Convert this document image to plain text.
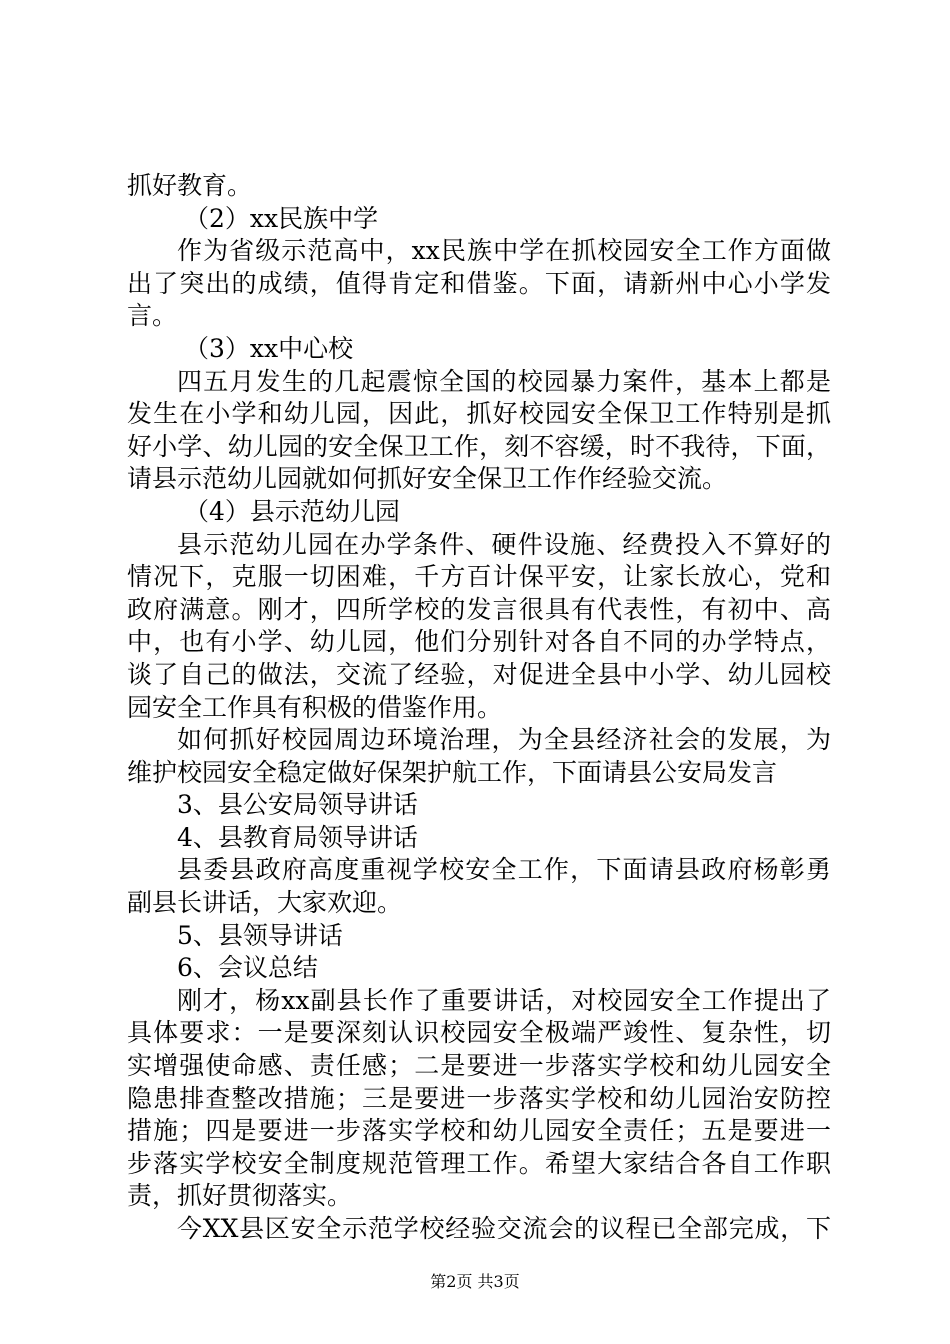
抓好教育。
（2）xx民族中学
作为省级示范高中，xx民族中学在抓校园安全工作方面做
出了突出的成绩，值得肯定和借鉴。下面，请新州中心小学发
言。
（3）xx中心校
四五月发生的几起震惊全国的校园暴力案件，基本上都是
发生在小学和幼儿园，因此，抓好校园安全保卫工作特别是抓
好小学、幼儿园的安全保卫工作，刻不容缓，时不我待，下面，
请县示范幼儿园就如何抓好安全保卫工作作经验交流。
（4）县示范幼儿园
县示范幼儿园在办学条件、硬件设施、经费投入不算好的
情况下，克服一切困难，千方百计保平安，让家长放心，党和
政府满意。刚才，四所学校的发言很具有代表性，有初中、高
中，也有小学、幼儿园，他们分别针对各自不同的办学特点，
谈了自己的做法，交流了经验，对促进全县中小学、幼儿园校
园安全工作具有积极的借鉴作用。
如何抓好校园周边环境治理，为全县经济社会的发展，为
维护校园安全稳定做好保架护航工作，下面请县公安局发言
3、县公安局领导讲话
4、县教育局领导讲话
县委县政府高度重视学校安全工作，下面请县政府杨彰勇
副县长讲话，大家欢迎。
5、县领导讲话
6、会议总结
刚才，杨xx副县长作了重要讲话，对校园安全工作提出了
具体要求：一是要深刻认识校园安全极端严竣性、复杂性，切
实增强使命感、责任感；二是要进一步落实学校和幼儿园安全
隐患排查整改措施；三是要进一步落实学校和幼儿园治安防控
措施；四是要进一步落实学校和幼儿园安全责任；五是要进一
步落实学校安全制度规范管理工作。希望大家结合各自工作职
责，抓好贯彻落实。
今XX县区安全示范学校经验交流会的议程已全部完成，下
第2页 共3页
